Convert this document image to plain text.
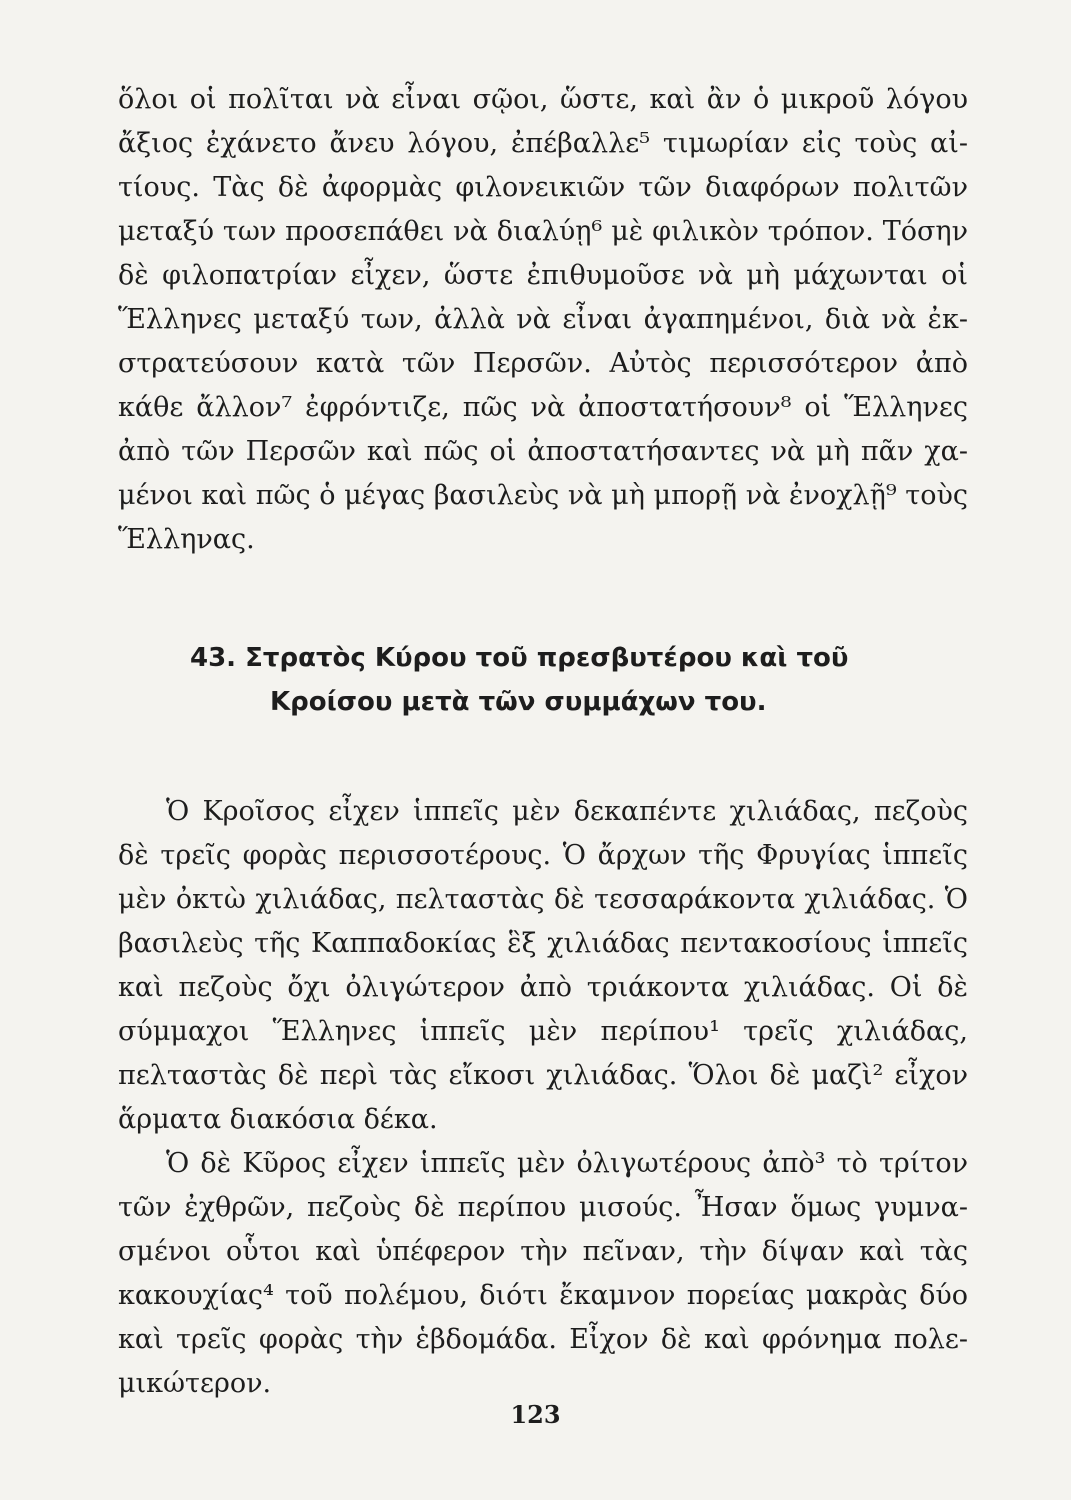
ὅλοι οἱ πολῖται νὰ εἶναι σῷοι, ὥστε, καὶ ἂν ὁ μικροῦ λόγου
ἄξιος ἐχάνετο ἄνευ λόγου, ἐπέβαλλε⁵ τιμωρίαν εἰς τοὺς αἰ-
τίους. Τὰς δὲ ἀφορμὰς φιλονεικιῶν τῶν διαφόρων πολιτῶν
μεταξύ των προσεπάθει νὰ διαλύῃ⁶ μὲ φιλικὸν τρόπον. Τόσην
δὲ φιλοπατρίαν εἶχεν, ὥστε ἐπιθυμοῦσε νὰ μὴ μάχωνται οἱ
Ἕλληνες μεταξύ των, ἀλλὰ νὰ εἶναι ἀγαπημένοι, διὰ νὰ ἐκ-
στρατεύσουν κατὰ τῶν Περσῶν. Αὐτὸς περισσότερον ἀπὸ
κάθε ἄλλον⁷ ἐφρόντιζε, πῶς νὰ ἀποστατήσουν⁸ οἱ Ἕλληνες
ἀπὸ τῶν Περσῶν καὶ πῶς οἱ ἀποστατήσαντες νὰ μὴ πᾶν χα-
μένοι καὶ πῶς ὁ μέγας βασιλεὺς νὰ μὴ μπορῇ νὰ ἐνοχλῇ⁹ τοὺς
Ἕλληνας.
43. Στρατὸς Κύρου τοῦ πρεσβυτέρου καὶ τοῦ
Κροίσου μετὰ τῶν συμμάχων του.
Ὁ Κροῖσος εἶχεν ἱππεῖς μὲν δεκαπέντε χιλιάδας, πεζοὺς
δὲ τρεῖς φορὰς περισσοτέρους. Ὁ ἄρχων τῆς Φρυγίας ἱππεῖς
μὲν ὀκτὼ χιλιάδας, πελταστὰς δὲ τεσσαράκοντα χιλιάδας. Ὁ
βασιλεὺς τῆς Καππαδοκίας ἓξ χιλιάδας πεντακοσίους ἱππεῖς
καὶ πεζοὺς ὄχι ὀλιγώτερον ἀπὸ τριάκοντα χιλιάδας. Οἱ δὲ
σύμμαχοι Ἕλληνες ἱππεῖς μὲν περίπου¹ τρεῖς χιλιάδας,
πελταστὰς δὲ περὶ τὰς εἴκοσι χιλιάδας. Ὅλοι δὲ μαζὶ² εἶχον
ἅρματα διακόσια δέκα.
Ὁ δὲ Κῦρος εἶχεν ἱππεῖς μὲν ὀλιγωτέρους ἀπὸ³ τὸ τρίτον
τῶν ἐχθρῶν, πεζοὺς δὲ περίπου μισούς. Ἦσαν ὅμως γυμνα-
σμένοι οὗτοι καὶ ὑπέφερον τὴν πεῖναν, τὴν δίψαν καὶ τὰς
κακουχίας⁴ τοῦ πολέμου, διότι ἔκαμνον πορείας μακρὰς δύο
καὶ τρεῖς φορὰς τὴν ἑβδομάδα. Εἶχον δὲ καὶ φρόνημα πολε-
μικώτερον.
123
